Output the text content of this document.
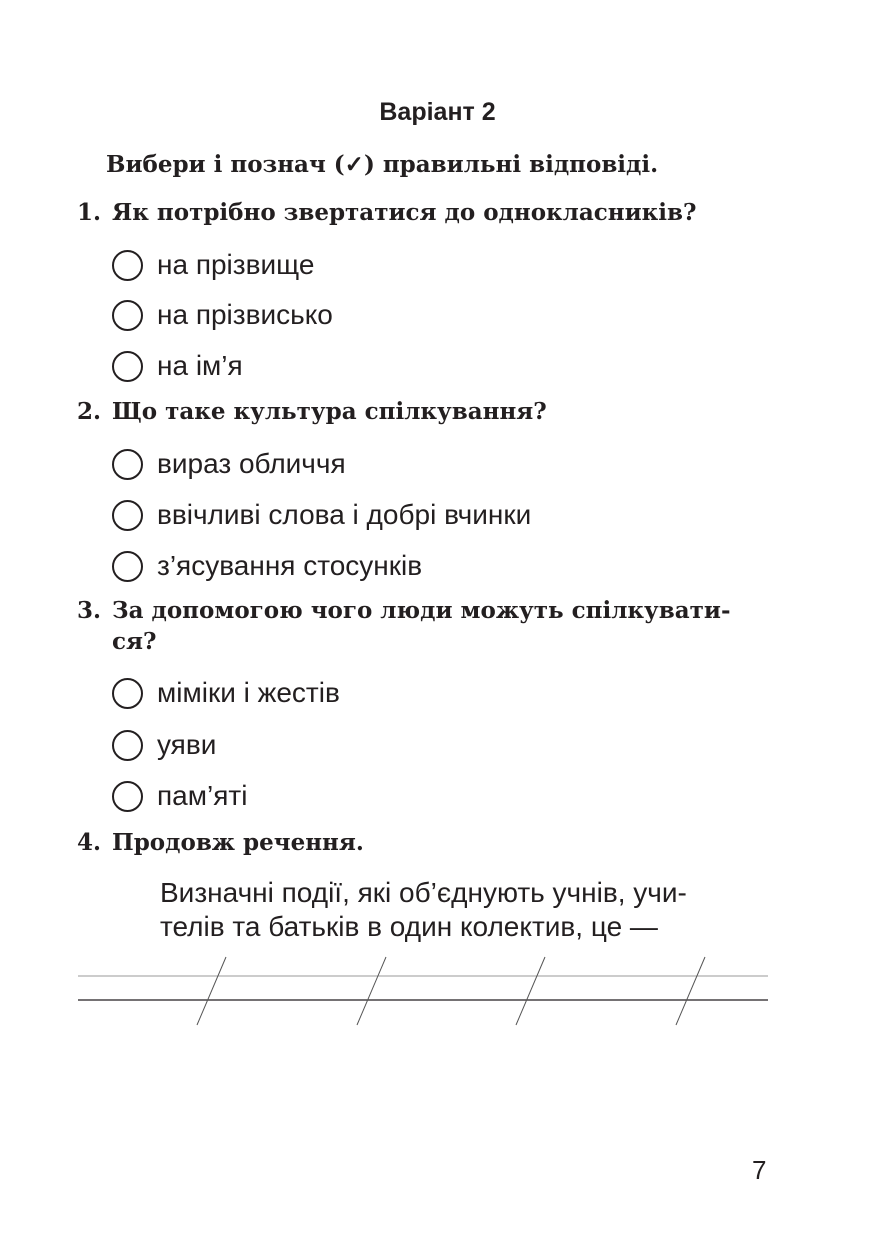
Варіант 2
Вибери і познач (✓) правильні відповіді.
1. Як потрібно звертатися до однокласників?
на прізвище
на прізвисько
на ім’я
2. Що таке культура спілкування?
вираз обличчя
ввічливі слова і добрі вчинки
з’ясування стосунків
3. За допомогою чого люди можуть спілкувати-
ся?
міміки і жестів
уяви
пам’яті
4. Продовж речення.
Визначні події, які об’єднують учнів, учи-
телів та батьків в один колектив, це —
7
